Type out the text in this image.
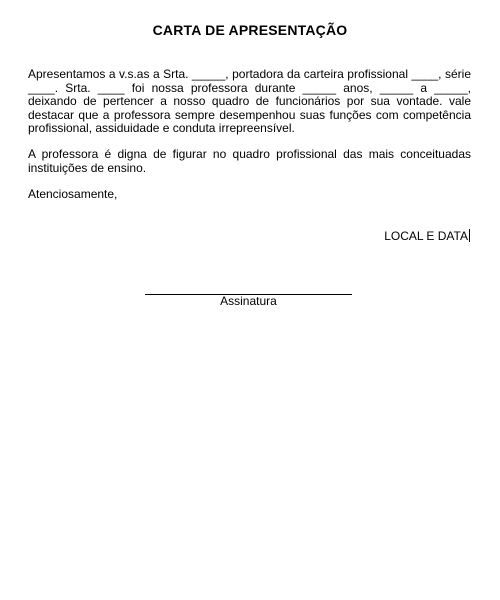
CARTA DE APRESENTAÇÃO
Apresentamos a v.s.as a Srta. _____, portadora da carteira profissional ____, série ____. Srta. ____ foi nossa professora durante _____ anos, _____ a _____, deixando de pertencer a nosso quadro de funcionários por sua vontade. vale destacar que a professora sempre desempenhou suas funções com competência profissional, assiduidade e conduta irrepreensível.
A professora é digna de figurar no quadro profissional das mais conceituadas instituições de ensino.
Atenciosamente,
LOCAL E DATA
Assinatura
